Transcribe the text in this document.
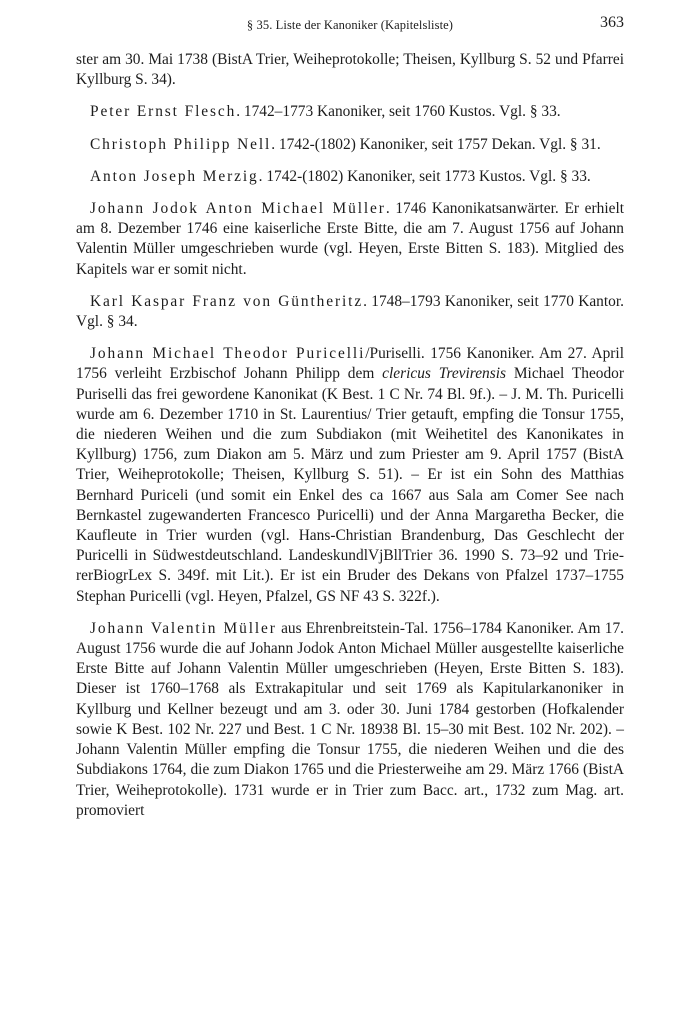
§ 35. Liste der Kanoniker (Kapitelsliste)	363

ster am 30. Mai 1738 (BistA Trier, Weiheprotokolle; Theisen, Kyllburg S. 52 und Pfarrei Kyllburg S. 34).

Peter Ernst Flesch. 1742–1773 Kanoniker, seit 1760 Kustos. Vgl. § 33.

Christoph Philipp Nell. 1742-(1802) Kanoniker, seit 1757 Dekan. Vgl. § 31.

Anton Joseph Merzig. 1742-(1802) Kanoniker, seit 1773 Kustos. Vgl. § 33.

Johann Jodok Anton Michael Müller. 1746 Kanonikatsanwärter. Er erhielt am 8. Dezember 1746 eine kaiserliche Erste Bitte, die am 7. August 1756 auf Johann Valentin Müller umgeschrieben wurde (vgl. Heyen, Erste Bitten S. 183). Mitglied des Kapitels war er somit nicht.

Karl Kaspar Franz von Güntheritz. 1748–1793 Kanoniker, seit 1770 Kantor. Vgl. § 34.

Johann Michael Theodor Puricelli/Puriselli. 1756 Kanoniker. Am 27. April 1756 verleiht Erzbischof Johann Philipp dem clericus Trevirensis Michael Theodor Puriselli das frei gewordene Kanonikat (K Best. 1 C Nr. 74 Bl. 9f.). – J. M. Th. Puricelli wurde am 6. Dezember 1710 in St. Laurentius/ Trier getauft, empfing die Tonsur 1755, die niederen Weihen und die zum Subdiakon (mit Weihetitel des Kanonikates in Kyllburg) 1756, zum Diakon am 5. März und zum Priester am 9. April 1757 (BistA Trier, Weiheprotokolle; Theisen, Kyllburg S. 51). – Er ist ein Sohn des Matthias Bernhard Puriceli (und somit ein Enkel des ca 1667 aus Sala am Comer See nach Bernkastel zugewanderten Francesco Puricelli) und der Anna Margaretha Becker, die Kaufleute in Trier wurden (vgl. Hans-Christian Brandenburg, Das Geschlecht der Puricelli in Südwestdeutschland. LandeskundlVjBllTrier 36. 1990 S. 73–92 und TriererBiogrLex S. 349f. mit Lit.). Er ist ein Bruder des Dekans von Pfalzel 1737–1755 Stephan Puricelli (vgl. Heyen, Pfalzel, GS NF 43 S. 322f.).

Johann Valentin Müller aus Ehrenbreitstein-Tal. 1756–1784 Kanoniker. Am 17. August 1756 wurde die auf Johann Jodok Anton Michael Müller ausgestellte kaiserliche Erste Bitte auf Johann Valentin Müller umgeschrieben (Heyen, Erste Bitten S. 183). Dieser ist 1760–1768 als Extrakapitular und seit 1769 als Kapitularkanoniker in Kyllburg und Kellner bezeugt und am 3. oder 30. Juni 1784 gestorben (Hofkalender sowie K Best. 102 Nr. 227 und Best. 1 C Nr. 18938 Bl. 15–30 mit Best. 102 Nr. 202). – Johann Valentin Müller empfing die Tonsur 1755, die niederen Weihen und die des Subdiakons 1764, die zum Diakon 1765 und die Priesterweihe am 29. März 1766 (BistA Trier, Weiheprotokolle). 1731 wurde er in Trier zum Bacc. art., 1732 zum Mag. art. promoviert
